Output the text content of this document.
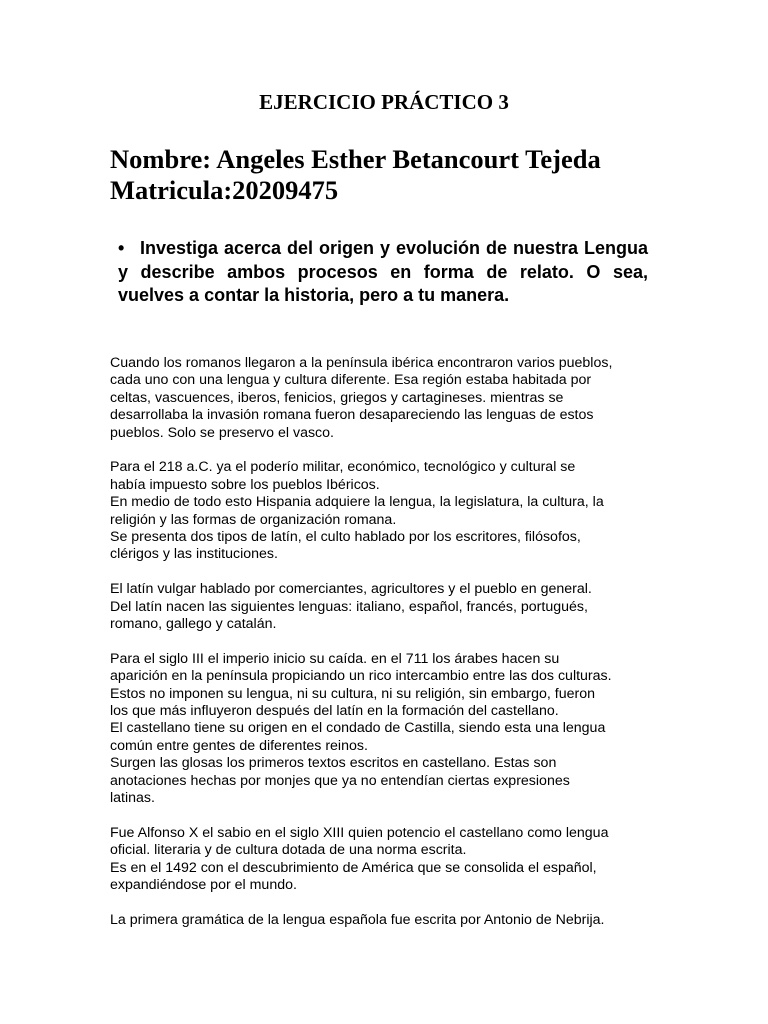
EJERCICIO PRÁCTICO 3
Nombre: Angeles Esther Betancourt Tejeda
Matricula:20209475

• Investiga acerca del origen y evolución de nuestra Lengua y describe ambos procesos en forma de relato. O sea, vuelves a contar la historia, pero a tu manera.

Cuando los romanos llegaron a la península ibérica encontraron varios pueblos,
cada uno con una lengua y cultura diferente. Esa región estaba habitada por
celtas, vascuences, iberos, fenicios, griegos y cartagineses. mientras se
desarrollaba la invasión romana fueron desapareciendo las lenguas de estos
pueblos. Solo se preservo el vasco.

Para el 218 a.C. ya el poderío militar, económico, tecnológico y cultural se
había impuesto sobre los pueblos Ibéricos.
En medio de todo esto Hispania adquiere la lengua, la legislatura, la cultura, la
religión y las formas de organización romana.
Se presenta dos tipos de latín, el culto hablado por los escritores, filósofos,
clérigos y las instituciones.

El latín vulgar hablado por comerciantes, agricultores y el pueblo en general.
Del latín nacen las siguientes lenguas: italiano, español, francés, portugués,
romano, gallego y catalán.

Para el siglo III el imperio inicio su caída. en el 711 los árabes hacen su
aparición en la península propiciando un rico intercambio entre las dos culturas.
Estos no imponen su lengua, ni su cultura, ni su religión, sin embargo, fueron
los que más influyeron después del latín en la formación del castellano.
El castellano tiene su origen en el condado de Castilla, siendo esta una lengua
común entre gentes de diferentes reinos.
Surgen las glosas los primeros textos escritos en castellano. Estas son
anotaciones hechas por monjes que ya no entendían ciertas expresiones
latinas.

Fue Alfonso X el sabio en el siglo XIII quien potencio el castellano como lengua
oficial. literaria y de cultura dotada de una norma escrita.
Es en el 1492 con el descubrimiento de América que se consolida el español,
expandiéndose por el mundo.

La primera gramática de la lengua española fue escrita por Antonio de Nebrija.
